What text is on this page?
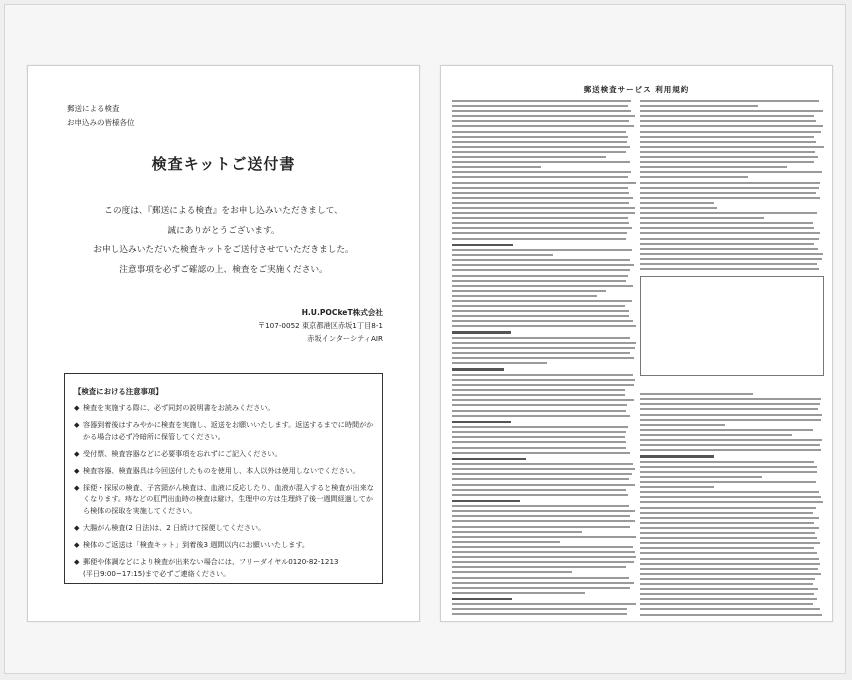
郵送による検査
お申込みの皆様各位
検査キットご送付書
この度は、『郵送による検査』をお申し込みいただきまして、
誠にありがとうございます。
お申し込みいただいた検査キットをご送付させていただきました。
注意事項を必ずご確認の上、検査をご実施ください。
H.U.POCkeT株式会社
〒107-0052 東京都港区赤坂1丁目8-1
赤坂インターシティAIR
【検査における注意事項】
◆ 検査を実施する際に、必ず同封の説明書をお読みください。
◆ 容器到着後はすみやかに検査を実施し、返送をお願いいたします。返送するまでに時間がかかる場合は必ず冷暗所に保管してください。
◆ 受付票、検査容器などに必要事項を忘れずにご記入ください。
◆ 検査容器、検査器具は今回送付したものを使用し、本人以外は使用しないでください。
◆ 採便・採尿の検査、子宮頸がん検査は、血液に反応したり、血液が混入すると検査が出来なくなります。痔などの肛門出血時の検査は避け、生理中の方は生理終了後一週間経過してから検体の採取を実施してください。
◆ 大腸がん検査(2 日法)は、2 日続けて採便してください。
◆ 検体のご返送は「検査キット」到着後3 週間以内にお願いいたします。
◆ 郵便や体調などにより検査が出来ない場合には、フリーダイヤル0120-82-1213
(平日9:00~17:15)まで必ずご連絡ください。
郵送検査サービス 利用規約
